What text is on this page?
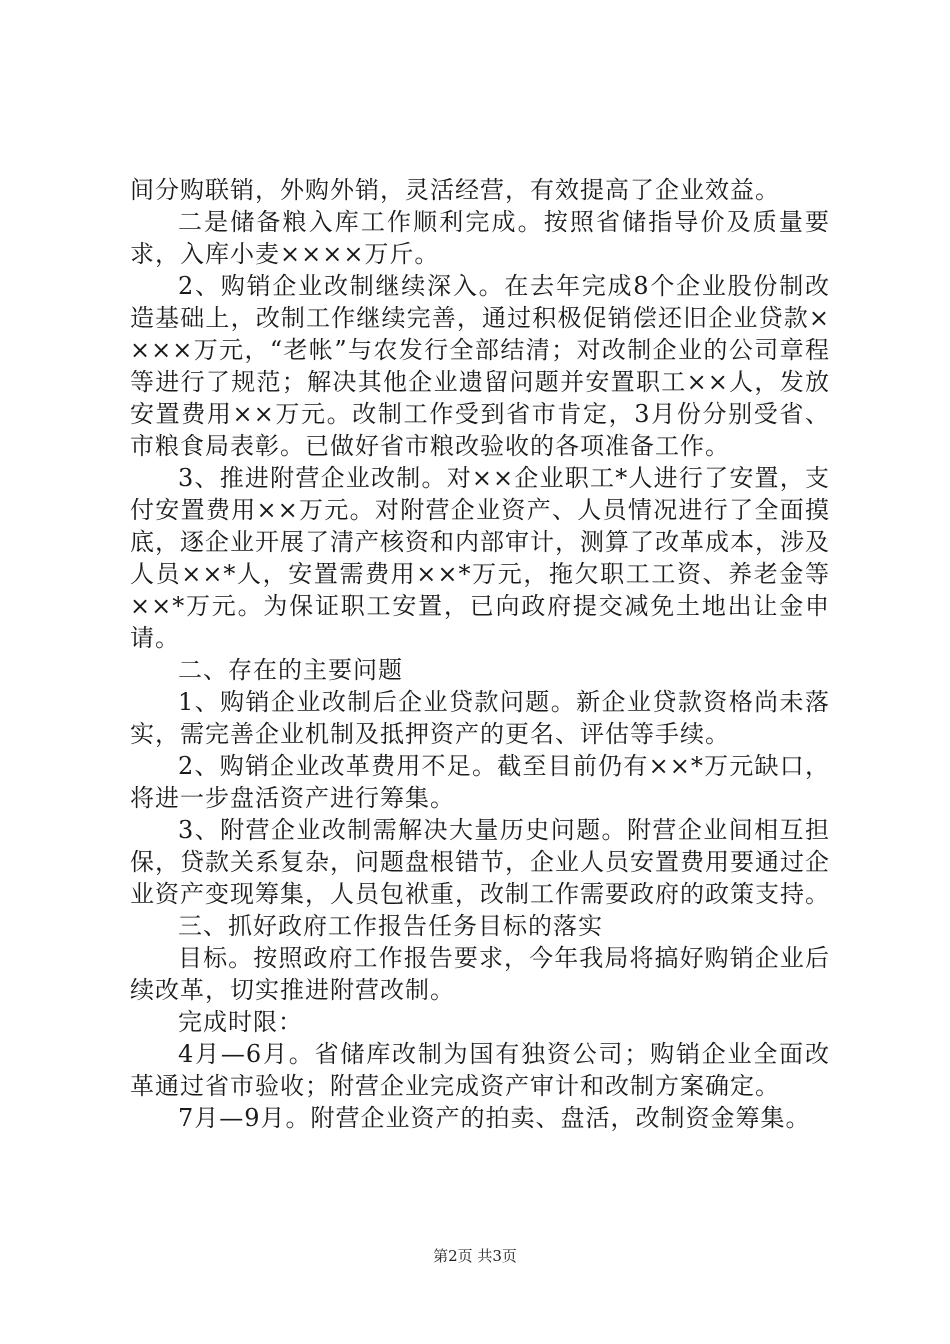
间分购联销，外购外销，灵活经营，有效提高了企业效益。

二是储备粮入库工作顺利完成。按照省储指导价及质量要求，入库小麦××××万斤。

2、购销企业改制继续深入。在去年完成8个企业股份制改造基础上，改制工作继续完善，通过积极促销偿还旧企业贷款××××万元，“老帐”与农发行全部结清；对改制企业的公司章程等进行了规范；解决其他企业遗留问题并安置职工××人，发放安置费用××万元。改制工作受到省市肯定，3月份分别受省、市粮食局表彰。已做好省市粮改验收的各项准备工作。

3、推进附营企业改制。对××企业职工*人进行了安置，支付安置费用××万元。对附营企业资产、人员情况进行了全面摸底，逐企业开展了清产核资和内部审计，测算了改革成本，涉及人员××*人，安置需费用××*万元，拖欠职工工资、养老金等××*万元。为保证职工安置，已向政府提交减免土地出让金申请。

二、存在的主要问题

1、购销企业改制后企业贷款问题。新企业贷款资格尚未落实，需完善企业机制及抵押资产的更名、评估等手续。

2、购销企业改革费用不足。截至目前仍有××*万元缺口，将进一步盘活资产进行筹集。

3、附营企业改制需解决大量历史问题。附营企业间相互担保，贷款关系复杂，问题盘根错节，企业人员安置费用要通过企业资产变现筹集，人员包袱重，改制工作需要政府的政策支持。

三、抓好政府工作报告任务目标的落实

目标。按照政府工作报告要求，今年我局将搞好购销企业后续改革，切实推进附营改制。

完成时限：

4月—6月。省储库改制为国有独资公司；购销企业全面改革通过省市验收；附营企业完成资产审计和改制方案确定。

7月—9月。附营企业资产的拍卖、盘活，改制资金筹集。

第2页 共3页
